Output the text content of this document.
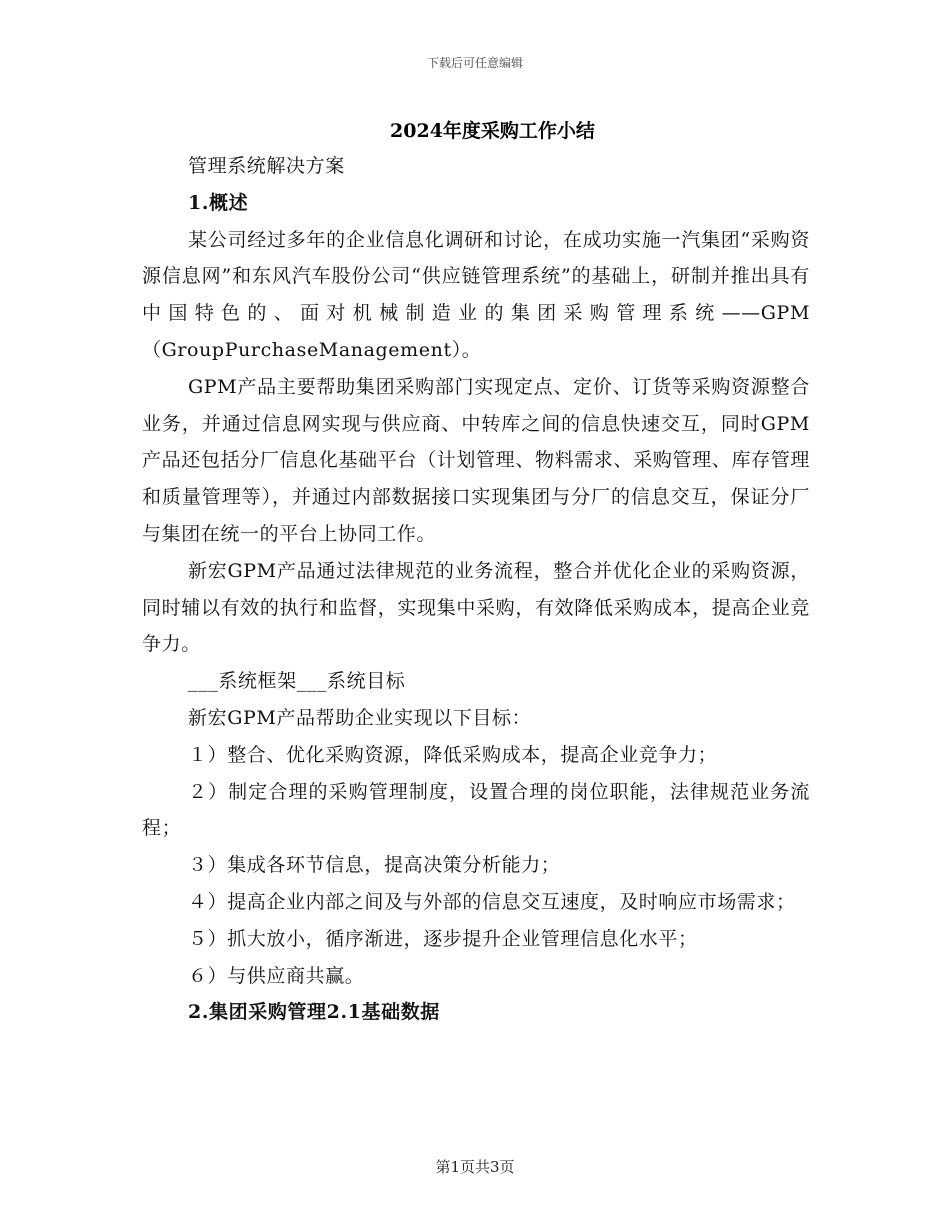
下载后可任意编辑
2024年度采购工作小结

管理系统解决方案

1.概述

某公司经过多年的企业信息化调研和讨论，在成功实施一汽集团“采购资源信息网”和东风汽车股份公司“供应链管理系统”的基础上，研制并推出具有中国特色的、面对机械制造业的集团采购管理系统——GPM（GroupPurchaseManagement）。

GPM产品主要帮助集团采购部门实现定点、定价、订货等采购资源整合业务，并通过信息网实现与供应商、中转库之间的信息快速交互，同时GPM产品还包括分厂信息化基础平台（计划管理、物料需求、采购管理、库存管理和质量管理等），并通过内部数据接口实现集团与分厂的信息交互，保证分厂与集团在统一的平台上协同工作。

新宏GPM产品通过法律规范的业务流程，整合并优化企业的采购资源，同时辅以有效的执行和监督，实现集中采购，有效降低采购成本，提高企业竞争力。

___系统框架___系统目标

新宏GPM产品帮助企业实现以下目标：

１）整合、优化采购资源，降低采购成本，提高企业竞争力；

２）制定合理的采购管理制度，设置合理的岗位职能，法律规范业务流程；

３）集成各环节信息，提高决策分析能力；

４）提高企业内部之间及与外部的信息交互速度，及时响应市场需求；

５）抓大放小，循序渐进，逐步提升企业管理信息化水平；

６）与供应商共赢。

2.集团采购管理2.1基础数据

第1页共3页
